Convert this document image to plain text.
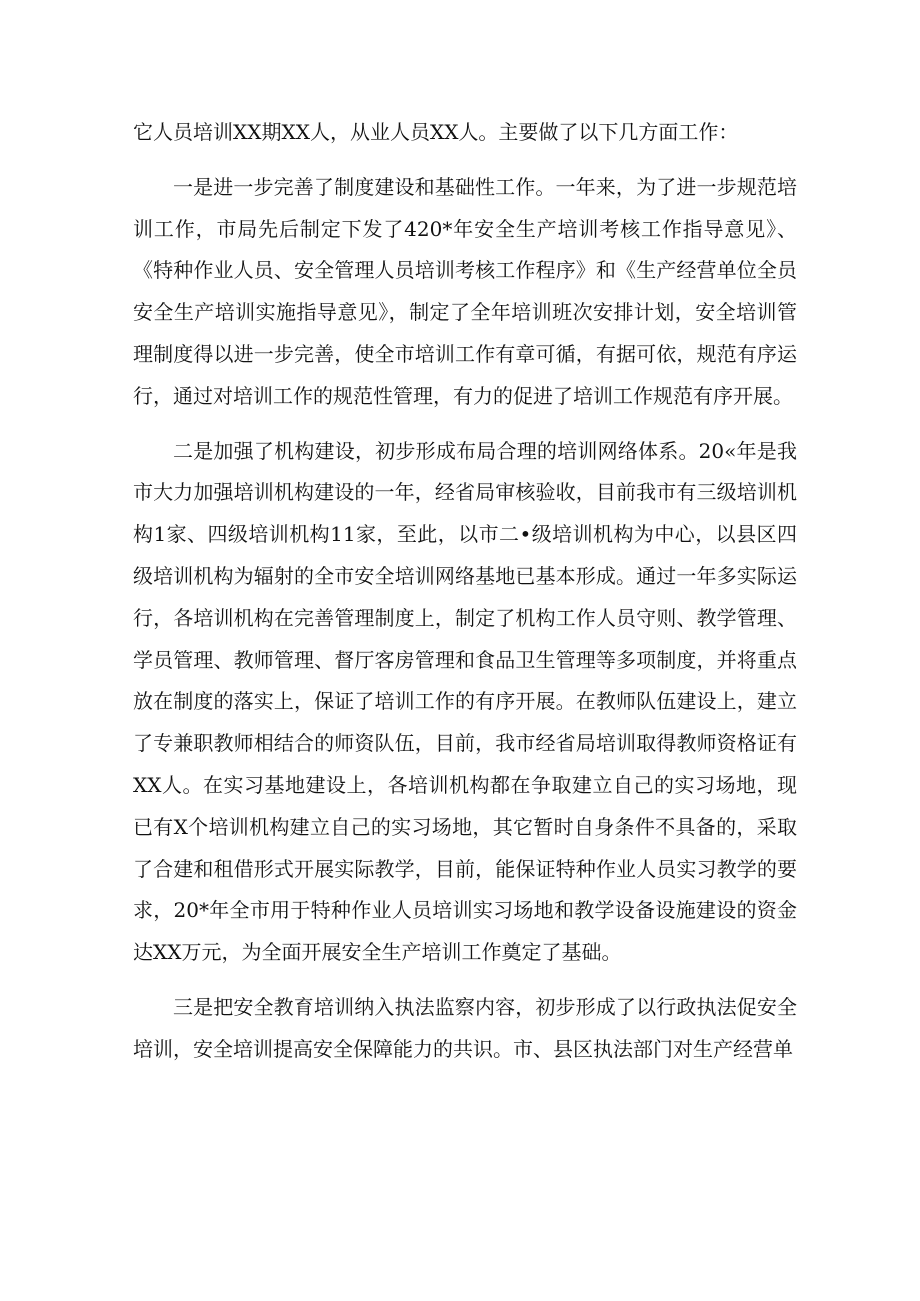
它人员培训XX期XX人，从业人员XX人。主要做了以下几方面工作：

一是进一步完善了制度建设和基础性工作。一年来，为了进一步规范培训工作，市局先后制定下发了420*年安全生产培训考核工作指导意见》、《特种作业人员、安全管理人员培训考核工作程序》和《生产经营单位全员安全生产培训实施指导意见》，制定了全年培训班次安排计划，安全培训管理制度得以进一步完善，使全市培训工作有章可循，有据可依，规范有序运行，通过对培训工作的规范性管理，有力的促进了培训工作规范有序开展。

二是加强了机构建设，初步形成布局合理的培训网络体系。20«年是我市大力加强培训机构建设的一年，经省局审核验收，目前我市有三级培训机构1家、四级培训机构11家，至此，以市二•级培训机构为中心，以县区四级培训机构为辐射的全市安全培训网络基地已基本形成。通过一年多实际运行，各培训机构在完善管理制度上，制定了机构工作人员守则、教学管理、学员管理、教师管理、督厅客房管理和食品卫生管理等多项制度，并将重点放在制度的落实上，保证了培训工作的有序开展。在教师队伍建设上，建立了专兼职教师相结合的师资队伍，目前，我市经省局培训取得教师资格证有XX人。在实习基地建设上，各培训机构都在争取建立自己的实习场地，现已有X个培训机构建立自己的实习场地，其它暂时自身条件不具备的，采取了合建和租借形式开展实际教学，目前，能保证特种作业人员实习教学的要求，20*年全市用于特种作业人员培训实习场地和教学设备设施建设的资金达XX万元，为全面开展安全生产培训工作奠定了基础。

三是把安全教育培训纳入执法监察内容，初步形成了以行政执法促安全培训，安全培训提高安全保障能力的共识。市、县区执法部门对生产经营单
